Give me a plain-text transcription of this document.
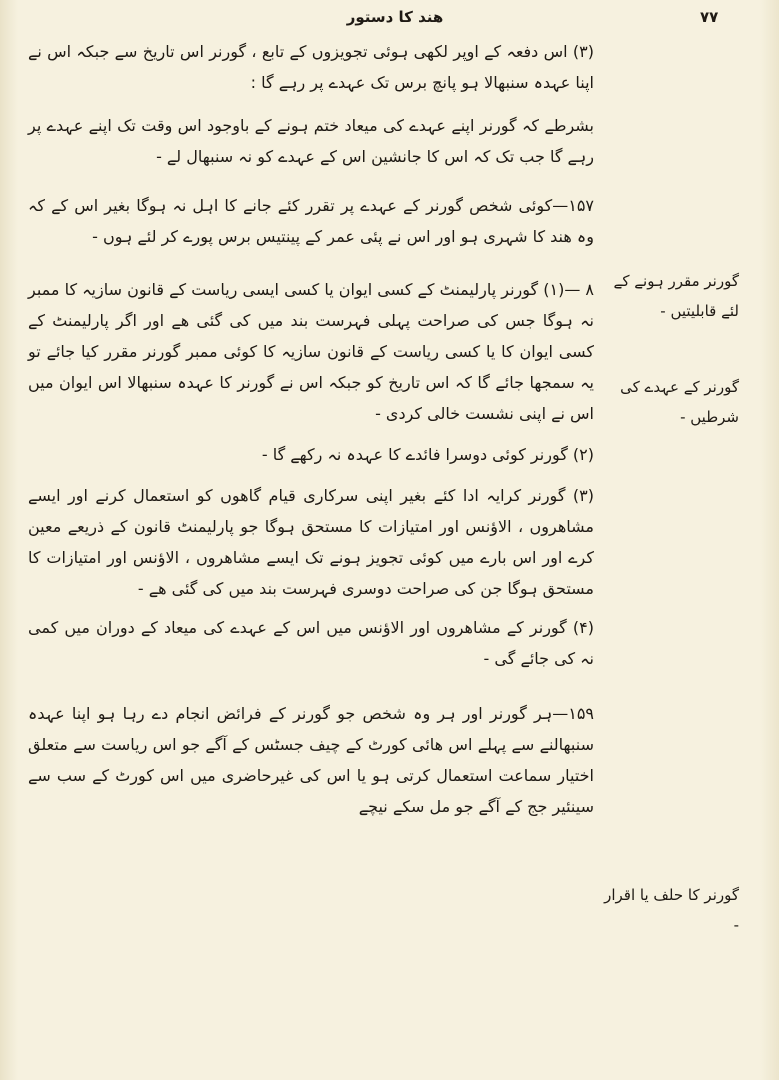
۷۷
ھند کا دستور

(۳) اس دفعہ کے اوپر لکھی ہوئی تجویزوں کے تابع ، گورنر اس تاریخ سے جبکہ اس نے اپنا عہدہ سنبھالا ہو پانچ برس تک عہدے پر رہے گا :

بشرطے کہ گورنر اپنے عہدے کی میعاد ختم ہونے کے باوجود اس وقت تک اپنے عہدے پر رہے گا جب تک کہ اس کا جانشین اس کے عہدے کو نہ سنبھال لے -

۱۵۷—کوئی شخص گورنر کے عہدے پر تقرر کئے جانے کا اہل نہ ہوگا بغیر اس کے کہ وہ ھند کا شہری ہو اور اس نے پئی عمر کے پینتیس برس پورے کر لئے ہوں -

۸ —(۱) گورنر پارلیمنٹ کے کسی ایوان یا کسی ایسی ریاست کے قانون سازیہ کا ممبر نہ ہوگا جس کی صراحت پہلی فہرست بند میں کی گئی ھے اور اگر پارلیمنٹ کے کسی ایوان کا یا کسی ریاست کے قانون سازیہ کا کوئی ممبر گورنر مقرر کیا جائے تو یہ سمجھا جائے گا کہ اس تاریخ کو جبکہ اس نے گورنر کا عہدہ سنبھالا اس ایوان میں اس نے اپنی نشست خالی کردی -

(۲) گورنر کوئی دوسرا فائدے کا عہدہ نہ رکھے گا -

(۳) گورنر کرایہ ادا کئے بغیر اپنی سرکاری قیام گاھوں کو استعمال کرنے اور ایسے مشاھروں ، الاؤنس اور امتیازات کا مستحق ہوگا جو پارلیمنٹ قانون کے ذریعے معین کرے اور اس بارے میں کوئی تجویز ہونے تک ایسے مشاھروں ، الاؤنس اور امتیازات کا مستحق ہوگا جن کی صراحت دوسری فہرست بند میں کی گئی ھے -

(۴) گورنر کے مشاھروں اور الاؤنس میں اس کے عہدے کی میعاد کے دوران میں کمی نہ کی جائے گی -

۱۵۹—ہر گورنر اور ہر وہ شخص جو گورنر کے فرائض انجام دے رہا ہو اپنا عہدہ سنبھالنے سے پہلے اس ھائی کورٹ کے چیف جسٹس کے آگے جو اس ریاست سے متعلق اختیار سماعت استعمال کرتی ہو یا اس کی غیرحاضری میں اس کورٹ کے سب سے سینئیر جج کے آگے جو مل سکے نیچے

گورنر مقرر ہونے کے لئے قابلیتیں -
گورنر کے عہدے کی شرطیں -
گورنر کا حلف یا اقرار -
